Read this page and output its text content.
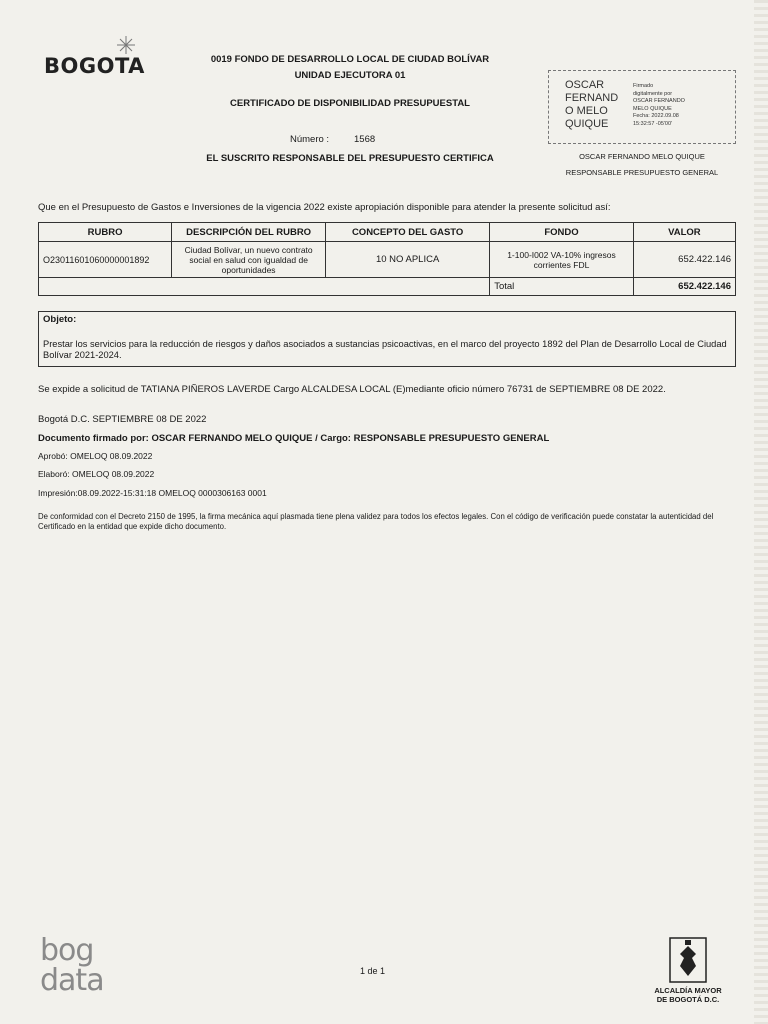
BOGOTA	0019 FONDO DE DESARROLLO LOCAL DE CIUDAD BOLÍVAR
UNIDAD EJECUTORA 01
CERTIFICADO DE DISPONIBILIDAD PRESUPUESTAL
Número :	1568
EL SUSCRITO RESPONSABLE DEL PRESUPUESTO CERTIFICA
OSCAR
FERNAND
O MELO
QUIQUE
Firmado
digitalmente por
OSCAR FERNANDO
MELO QUIQUE
Fecha: 2022.09.08
15:32:57 -05'00'
OSCAR FERNANDO MELO QUIQUE
RESPONSABLE PRESUPUESTO GENERAL
Que en el Presupuesto de Gastos e Inversiones de la vigencia 2022 existe apropiación disponible para atender la presente solicitud así:
RUBRO	DESCRIPCIÓN DEL RUBRO	CONCEPTO DEL GASTO	FONDO	VALOR
O23011601060000001892	Ciudad Bolívar, un nuevo contrato social en salud con igualdad de oportunidades	10 NO APLICA	1-100-I002 VA-10% ingresos corrientes FDL	652.422.146
			Total	652.422.146
Objeto:
Prestar los servicios para la reducción de riesgos y daños asociados a sustancias psicoactivas, en el marco del proyecto 1892 del Plan de Desarrollo Local de Ciudad Bolívar 2021-2024.
Se expide a solicitud de TATIANA PIÑEROS LAVERDE Cargo ALCALDESA LOCAL (E)mediante oficio número 76731 de SEPTIEMBRE 08 DE 2022.
Bogotá D.C. SEPTIEMBRE 08 DE 2022
Documento firmado por: OSCAR FERNANDO MELO QUIQUE / Cargo: RESPONSABLE PRESUPUESTO GENERAL
Aprobó: OMELOQ 08.09.2022
Elaboró: OMELOQ 08.09.2022
Impresión:08.09.2022-15:31:18 OMELOQ 0000306163 0001
De conformidad con el Decreto 2150 de 1995, la firma mecánica aquí plasmada tiene plena validez para todos los efectos legales. Con el código de verificación puede constatar la autenticidad del Certificado en la entidad que expide dicho documento.
bog
data	1 de 1
ALCALDÍA MAYOR
DE BOGOTÁ D.C.
